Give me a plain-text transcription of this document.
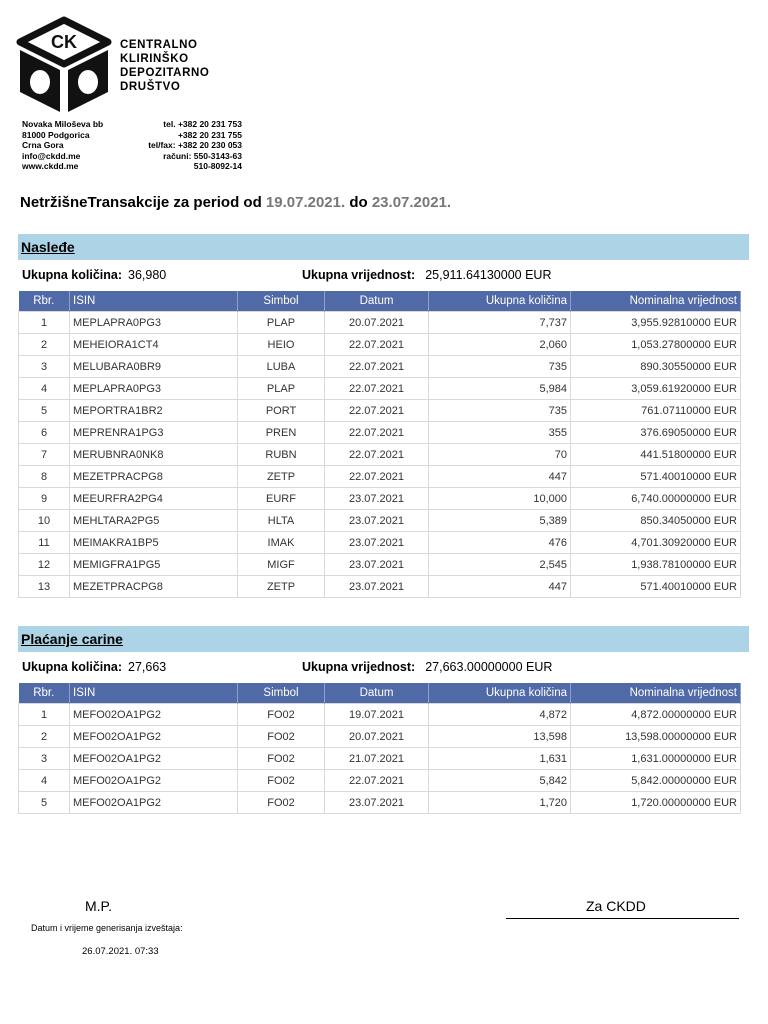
CK	CENTRALNO
KLIRINŠKO
DEPOZITARNO
DRUŠTVO
Novaka Miloševa bb
81000 Podgorica
Crna Gora
info@ckdd.me
www.ckdd.me
tel. +382 20 231 753
+382 20 231 755
tel/fax: +382 20 230 053
računi: 550-3143-63
510-8092-14
NetržišneTransakcije za period od 19.07.2021. do 23.07.2021.
Nasleđe
Ukupna količina: 36,980	Ukupna vrijednost: 25,911.64130000 EUR
Rbr.	ISIN	Simbol	Datum	Ukupna količina	Nominalna vrijednost
1	MEPLAPRA0PG3	PLAP	20.07.2021	7,737	3,955.92810000 EUR
2	MEHEIORA1CT4	HEIO	22.07.2021	2,060	1,053.27800000 EUR
3	MELUBARA0BR9	LUBA	22.07.2021	735	890.30550000 EUR
4	MEPLAPRA0PG3	PLAP	22.07.2021	5,984	3,059.61920000 EUR
5	MEPORTRA1BR2	PORT	22.07.2021	735	761.07110000 EUR
6	MEPRENRA1PG3	PREN	22.07.2021	355	376.69050000 EUR
7	MERUBNRA0NK8	RUBN	22.07.2021	70	441.51800000 EUR
8	MEZETPRACPG8	ZETP	22.07.2021	447	571.40010000 EUR
9	MEEURFRA2PG4	EURF	23.07.2021	10,000	6,740.00000000 EUR
10	MEHLTARA2PG5	HLTA	23.07.2021	5,389	850.34050000 EUR
11	MEIMAKRA1BP5	IMAK	23.07.2021	476	4,701.30920000 EUR
12	MEMIGFRA1PG5	MIGF	23.07.2021	2,545	1,938.78100000 EUR
13	MEZETPRACPG8	ZETP	23.07.2021	447	571.40010000 EUR
Plaćanje carine
Ukupna količina: 27,663	Ukupna vrijednost: 27,663.00000000 EUR
Rbr.	ISIN	Simbol	Datum	Ukupna količina	Nominalna vrijednost
1	MEFO02OA1PG2	FO02	19.07.2021	4,872	4,872.00000000 EUR
2	MEFO02OA1PG2	FO02	20.07.2021	13,598	13,598.00000000 EUR
3	MEFO02OA1PG2	FO02	21.07.2021	1,631	1,631.00000000 EUR
4	MEFO02OA1PG2	FO02	22.07.2021	5,842	5,842.00000000 EUR
5	MEFO02OA1PG2	FO02	23.07.2021	1,720	1,720.00000000 EUR
M.P.	Za CKDD
Datum i vrijeme generisanja izveštaja:
26.07.2021. 07:33
